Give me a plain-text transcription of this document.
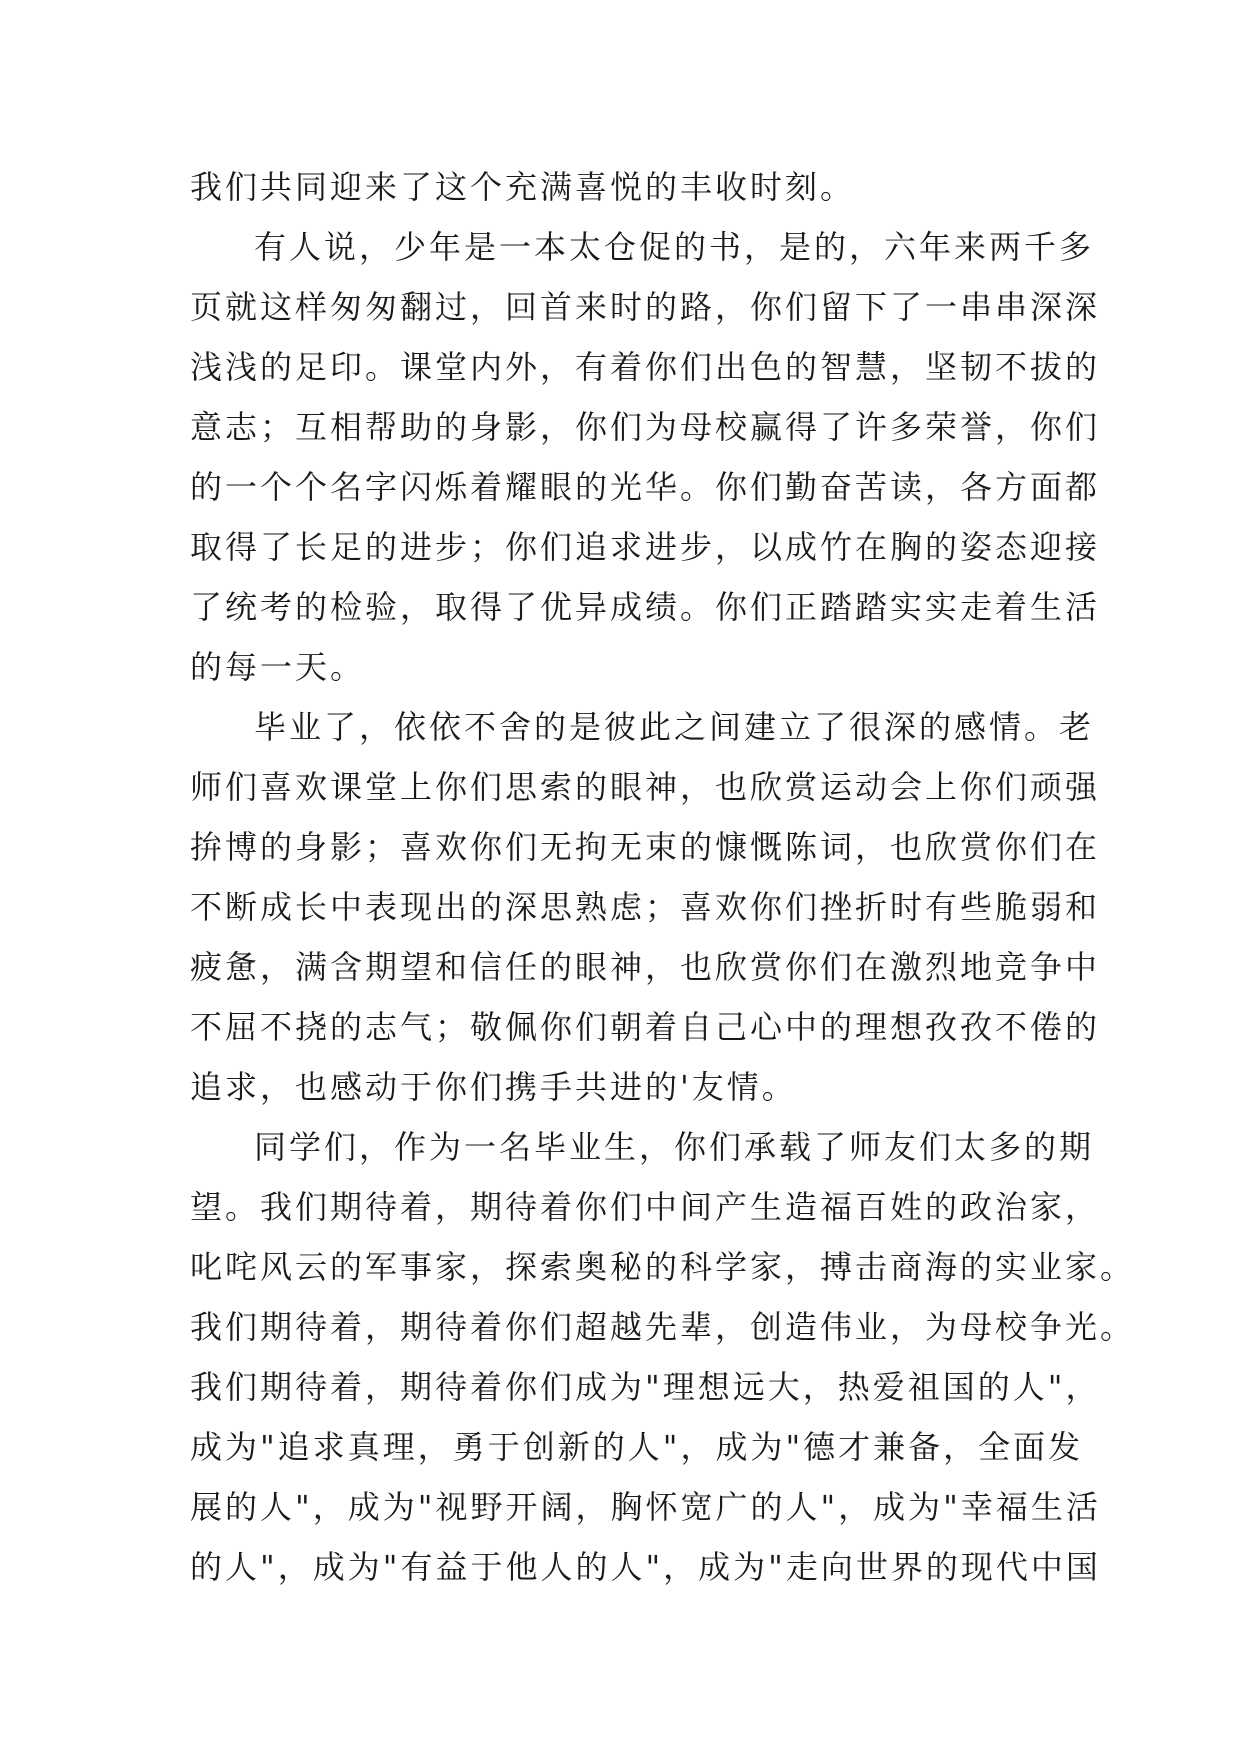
我们共同迎来了这个充满喜悦的丰收时刻。
有人说，少年是一本太仓促的书，是的，六年来两千多
页就这样匆匆翻过，回首来时的路，你们留下了一串串深深
浅浅的足印。课堂内外，有着你们出色的智慧，坚韧不拔的
意志；互相帮助的身影，你们为母校赢得了许多荣誉，你们
的一个个名字闪烁着耀眼的光华。你们勤奋苦读，各方面都
取得了长足的进步；你们追求进步，以成竹在胸的姿态迎接
了统考的检验，取得了优异成绩。你们正踏踏实实走着生活
的每一天。
毕业了，依依不舍的是彼此之间建立了很深的感情。老
师们喜欢课堂上你们思索的眼神，也欣赏运动会上你们顽强
拚博的身影；喜欢你们无拘无束的慷慨陈词，也欣赏你们在
不断成长中表现出的深思熟虑；喜欢你们挫折时有些脆弱和
疲惫，满含期望和信任的眼神，也欣赏你们在激烈地竞争中
不屈不挠的志气；敬佩你们朝着自己心中的理想孜孜不倦的
追求，也感动于你们携手共进的'友情。
同学们，作为一名毕业生，你们承载了师友们太多的期
望。我们期待着，期待着你们中间产生造福百姓的政治家，
叱咤风云的军事家，探索奥秘的科学家，搏击商海的实业家。
我们期待着，期待着你们超越先辈，创造伟业，为母校争光。
我们期待着，期待着你们成为"理想远大，热爱祖国的人"，
成为"追求真理，勇于创新的人"，成为"德才兼备，全面发
展的人"，成为"视野开阔，胸怀宽广的人"，成为"幸福生活
的人"，成为"有益于他人的人"，成为"走向世界的现代中国
